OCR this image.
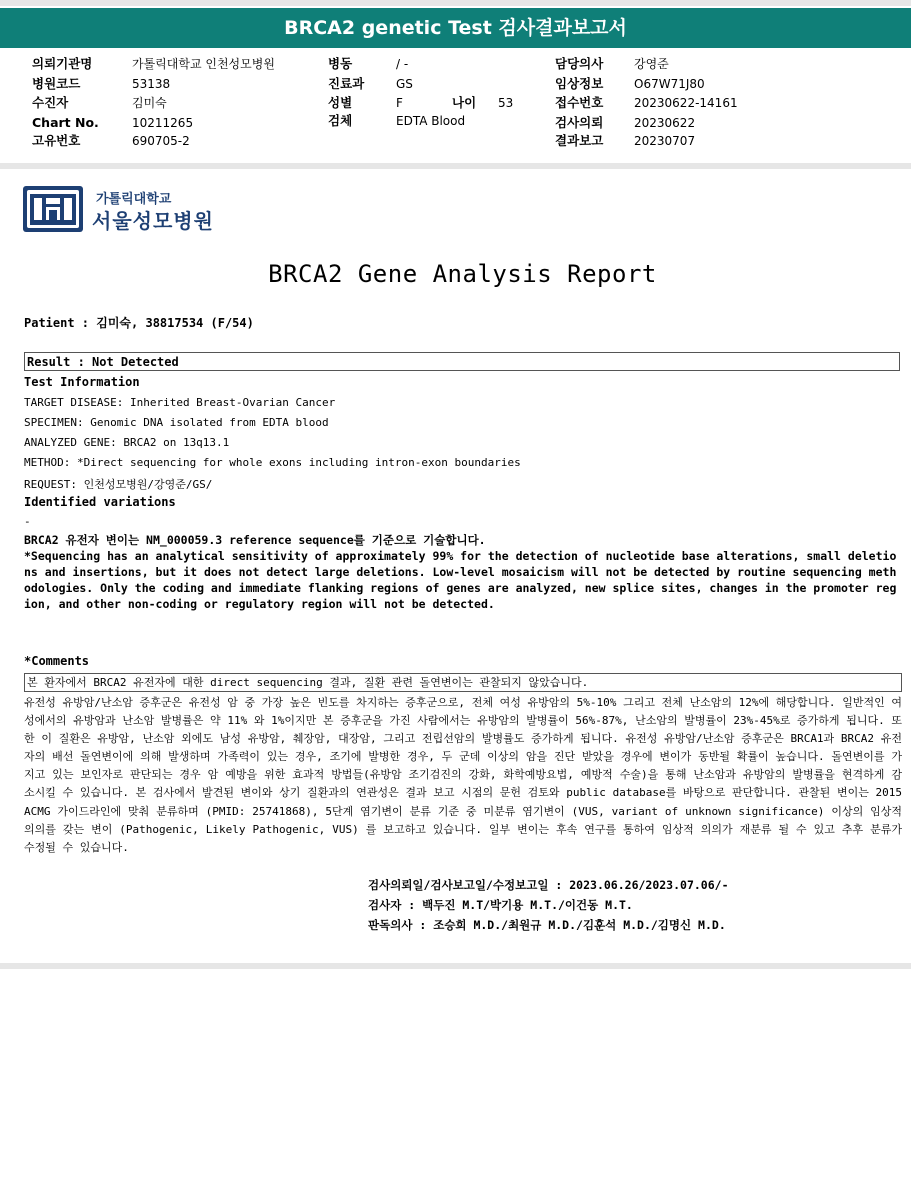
BRCA2 genetic Test 검사결과보고서
의뢰기관명	가톨릭대학교 인천성모병원
병원코드	53138
수진자	김미숙
Chart No.	10211265
고유번호	690705-2
병동	/ -
진료과	GS
성별	F	나이 53
검체	EDTA Blood
담당의사	강영준
임상정보	O67W71J80
접수번호	20230622-14161
검사의뢰	20230622
결과보고	20230707
가톨릭대학교
서울성모병원
BRCA2 Gene Analysis Report
Patient : 김미숙, 38817534 (F/54)
Result : Not Detected
Test Information
TARGET DISEASE: Inherited Breast-Ovarian Cancer
SPECIMEN: Genomic DNA isolated from EDTA blood
ANALYZED GENE: BRCA2 on 13q13.1
METHOD: *Direct sequencing for whole exons including intron-exon boundaries
REQUEST: 인천성모병원/강영준/GS/
Identified variations
-
BRCA2 유전자 변이는 NM_000059.3 reference sequence를 기준으로 기술합니다.
*Sequencing has an analytical sensitivity of approximately 99% for the detection of nucleotide base alterations, small deletions and insertions, but it does not detect large deletions. Low-level mosaicism will not be detected by routine sequencing methodologies. Only the coding and immediate flanking regions of genes are analyzed, new splice sites, changes in the promoter region, and other non-coding or regulatory region will not be detected.
*Comments
본 환자에서 BRCA2 유전자에 대한 direct sequencing 결과, 질환 관련 돌연변이는 관찰되지 않았습니다.
유전성 유방암/난소암 증후군은 유전성 암 중 가장 높은 빈도를 차지하는 증후군으로, 전체 여성 유방암의 5%-10% 그리고 전체 난소암의 12%에 해당합니다. 일반적인 여성에서의 유방암과 난소암 발병률은 약 11% 와 1%이지만 본 증후군을 가진 사람에서는 유방암의 발병률이 56%-87%, 난소암의 발병률이 23%-45%로 증가하게 됩니다. 또한 이 질환은 유방암, 난소암 외에도 남성 유방암, 췌장암, 대장암, 그리고 전립선암의 발병률도 증가하게 됩니다. 유전성 유방암/난소암 증후군은 BRCA1과 BRCA2 유전자의 배선 돌연변이에 의해 발생하며 가족력이 있는 경우, 조기에 발병한 경우, 두 군데 이상의 암을 진단 받았을 경우에 변이가 동반될 확률이 높습니다. 돌연변이를 가지고 있는 보인자로 판단되는 경우 암 예방을 위한 효과적 방법들(유방암 조기검진의 강화, 화학예방요법, 예방적 수술)을 통해 난소암과 유방암의 발병률을 현격하게 감소시킬 수 있습니다. 본 검사에서 발견된 변이와 상기 질환과의 연관성은 결과 보고 시점의 문헌 검토와 public database를 바탕으로 판단합니다. 관찰된 변이는 2015 ACMG 가이드라인에 맞춰 분류하며 (PMID: 25741868), 5단계 염기변이 분류 기준 중 미분류 염기변이 (VUS, variant of unknown significance) 이상의 임상적 의의를 갖는 변이 (Pathogenic, Likely Pathogenic, VUS) 를 보고하고 있습니다. 일부 변이는 후속 연구를 통하여 임상적 의의가 재분류 될 수 있고 추후 분류가 수정될 수 있습니다.
검사의뢰일/검사보고일/수정보고일 : 2023.06.26/2023.07.06/-
검사자 : 백두진 M.T/박기용 M.T./이건동 M.T.
판독의사 : 조승희 M.D./최원규 M.D./김훈석 M.D./김명신 M.D.
